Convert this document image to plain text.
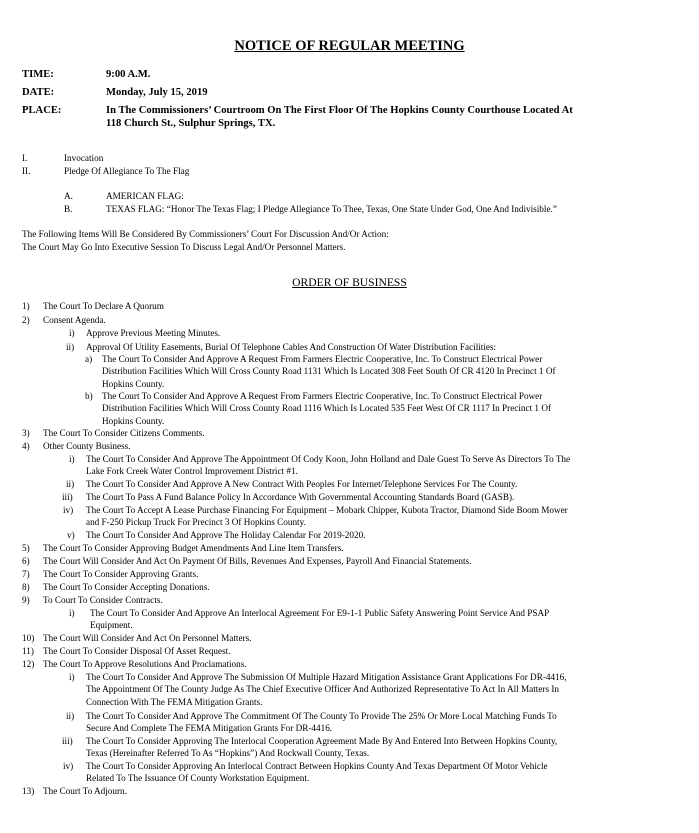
NOTICE OF REGULAR MEETING
TIME:	9:00 A.M.
DATE:	Monday, July 15, 2019
PLACE:	In The Commissioners’ Courtroom On The First Floor Of The Hopkins County Courthouse Located At
118 Church St., Sulphur Springs, TX.
I.	Invocation
II.	Pledge Of Allegiance To The Flag
A.	AMERICAN FLAG:
B.	TEXAS FLAG: “Honor The Texas Flag; I Pledge Allegiance To Thee, Texas, One State Under God, One And Indivisible.”
The Following Items Will Be Considered By Commissioners’ Court For Discussion And/Or Action:
The Court May Go Into Executive Session To Discuss Legal And/Or Personnel Matters.
ORDER OF BUSINESS
1) The Court To Declare A Quorum
2) Consent Agenda.
i) Approve Previous Meeting Minutes.
ii) Approval Of Utility Easements, Burial Of Telephone Cables And Construction Of Water Distribution Facilities:
a) The Court To Consider And Approve A Request From Farmers Electric Cooperative, Inc. To Construct Electrical Power
Distribution Facilities Which Will Cross County Road 1131 Which Is Located 308 Feet South Of CR 4120 In Precinct 1 Of
Hopkins County.
b) The Court To Consider And Approve A Request From Farmers Electric Cooperative, Inc. To Construct Electrical Power
Distribution Facilities Which Will Cross County Road 1116 Which Is Located 535 Feet West Of CR 1117 In Precinct 1 Of
Hopkins County.
3) The Court To Consider Citizens Comments.
4) Other County Business.
i) The Court To Consider And Approve The Appointment Of Cody Koon, John Holland and Dale Guest To Serve As Directors To The
Lake Fork Creek Water Control Improvement District #1.
ii) The Court To Consider And Approve A New Contract With Peoples For Internet/Telephone Services For The County.
iii) The Court To Pass A Fund Balance Policy In Accordance With Governmental Accounting Standards Board (GASB).
iv) The Court To Accept A Lease Purchase Financing For Equipment – Mobark Chipper, Kubota Tractor, Diamond Side Boom Mower
and F-250 Pickup Truck For Precinct 3 Of Hopkins County.
v) The Court To Consider And Approve The Holiday Calendar For 2019-2020.
5) The Court To Consider Approving Budget Amendments And Line Item Transfers.
6) The Court Will Consider And Act On Payment Of Bills, Revenues And Expenses, Payroll And Financial Statements.
7) The Court To Consider Approving Grants.
8) The Court To Consider Accepting Donations.
9) To Court To Consider Contracts.
i) The Court To Consider And Approve An Interlocal Agreement For E9-1-1 Public Safety Answering Point Service And PSAP
Equipment.
10) The Court Will Consider And Act On Personnel Matters.
11) The Court To Consider Disposal Of Asset Request.
12) The Court To Approve Resolutions And Proclamations.
i) The Court To Consider And Approve The Submission Of Multiple Hazard Mitigation Assistance Grant Applications For DR-4416,
The Appointment Of The County Judge As The Chief Executive Officer And Authorized Representative To Act In All Matters In
Connection With The FEMA Mitigation Grants.
ii) The Court To Consider And Approve The Commitment Of The County To Provide The 25% Or More Local Matching Funds To
Secure And Complete The FEMA Mitigation Grants For DR-4416.
iii) The Court To Consider Approving The Interlocal Cooperation Agreement Made By And Entered Into Between Hopkins County,
Texas (Hereinafter Referred To As “Hopkins”) And Rockwall County, Texas.
iv) The Court To Consider Approving An Interlocal Contract Between Hopkins County And Texas Department Of Motor Vehicle
Related To The Issuance Of County Workstation Equipment.
13) The Court To Adjourn.
